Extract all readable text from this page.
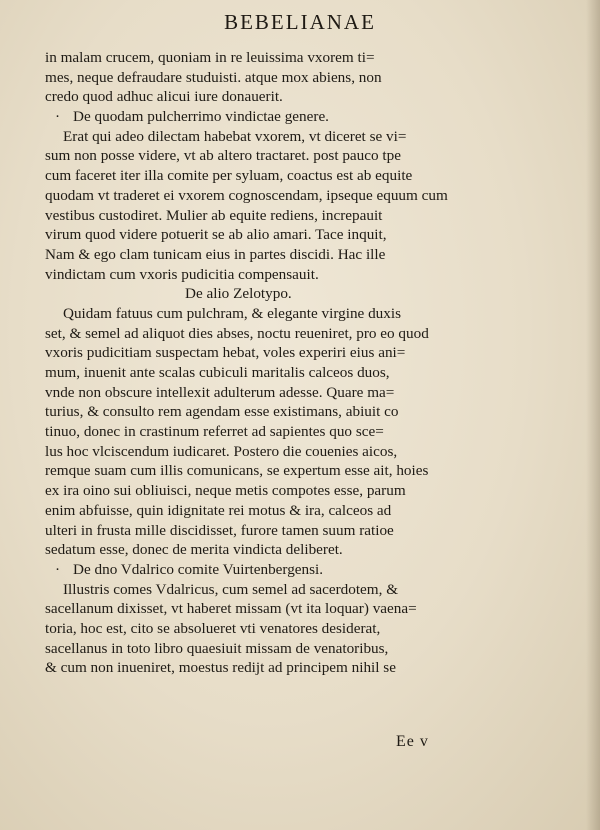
BEBELIANAE
in malam crucem, quoniam in re leuissima vxorem ti=
mes, neque defraudare studuisti. atque mox abiens, non
credo quod adhuc alicui iure donauerit.
· De quodam pulcherrimo vindictae genere.
Erat qui adeo dilectam habebat vxorem, vt diceret se vi=
sum non posse videre, vt ab altero tractaret. post pauco tpe
cum faceret iter illa comite per syluam, coactus est ab equite
quodam vt traderet ei vxorem cognoscendam, ipseque equum cum
vestibus custodiret. Mulier ab equite rediens, increpauit
virum quod videre potuerit se ab alio amari. Tace inquit,
Nam & ego clam tunicam eius in partes discidi. Hac ille
vindictam cum vxoris pudicitia compensauit.
De alio Zelotypo.
Quidam fatuus cum pulchram, & elegante virgine duxis
set, & semel ad aliquot dies abses, noctu reueniret, pro eo quod
vxoris pudicitiam suspectam hebat, voles experiri eius ani=
mum, inuenit ante scalas cubiculi maritalis calceos duos,
vnde non obscure intellexit adulterum adesse. Quare ma=
turius, & consulto rem agendam esse existimans, abiuit co
tinuo, donec in crastinum referret ad sapientes quo sce=
lus hoc vlciscendum iudicaret. Postero die couenies aicos,
remque suam cum illis comunicans, se expertum esse ait, hoies
ex ira oino sui obliuisci, neque metis compotes esse, parum
enim abfuisse, quin idignitate rei motus & ira, calceos ad
ulteri in frusta mille discidisset, furore tamen suum ratioe
sedatum esse, donec de merita vindicta deliberet.
· De dno Vdalrico comite Vuirtenbergensi.
Illustris comes Vdalricus, cum semel ad sacerdotem, &
sacellanum dixisset, vt haberet missam (vt ita loquar) vaena=
toria, hoc est, cito se absolueret vti venatores desiderat,
sacellanus in toto libro quaesiuit missam de venatoribus,
& cum non inueniret, moestus redijt ad principem nihil se
Ee v
